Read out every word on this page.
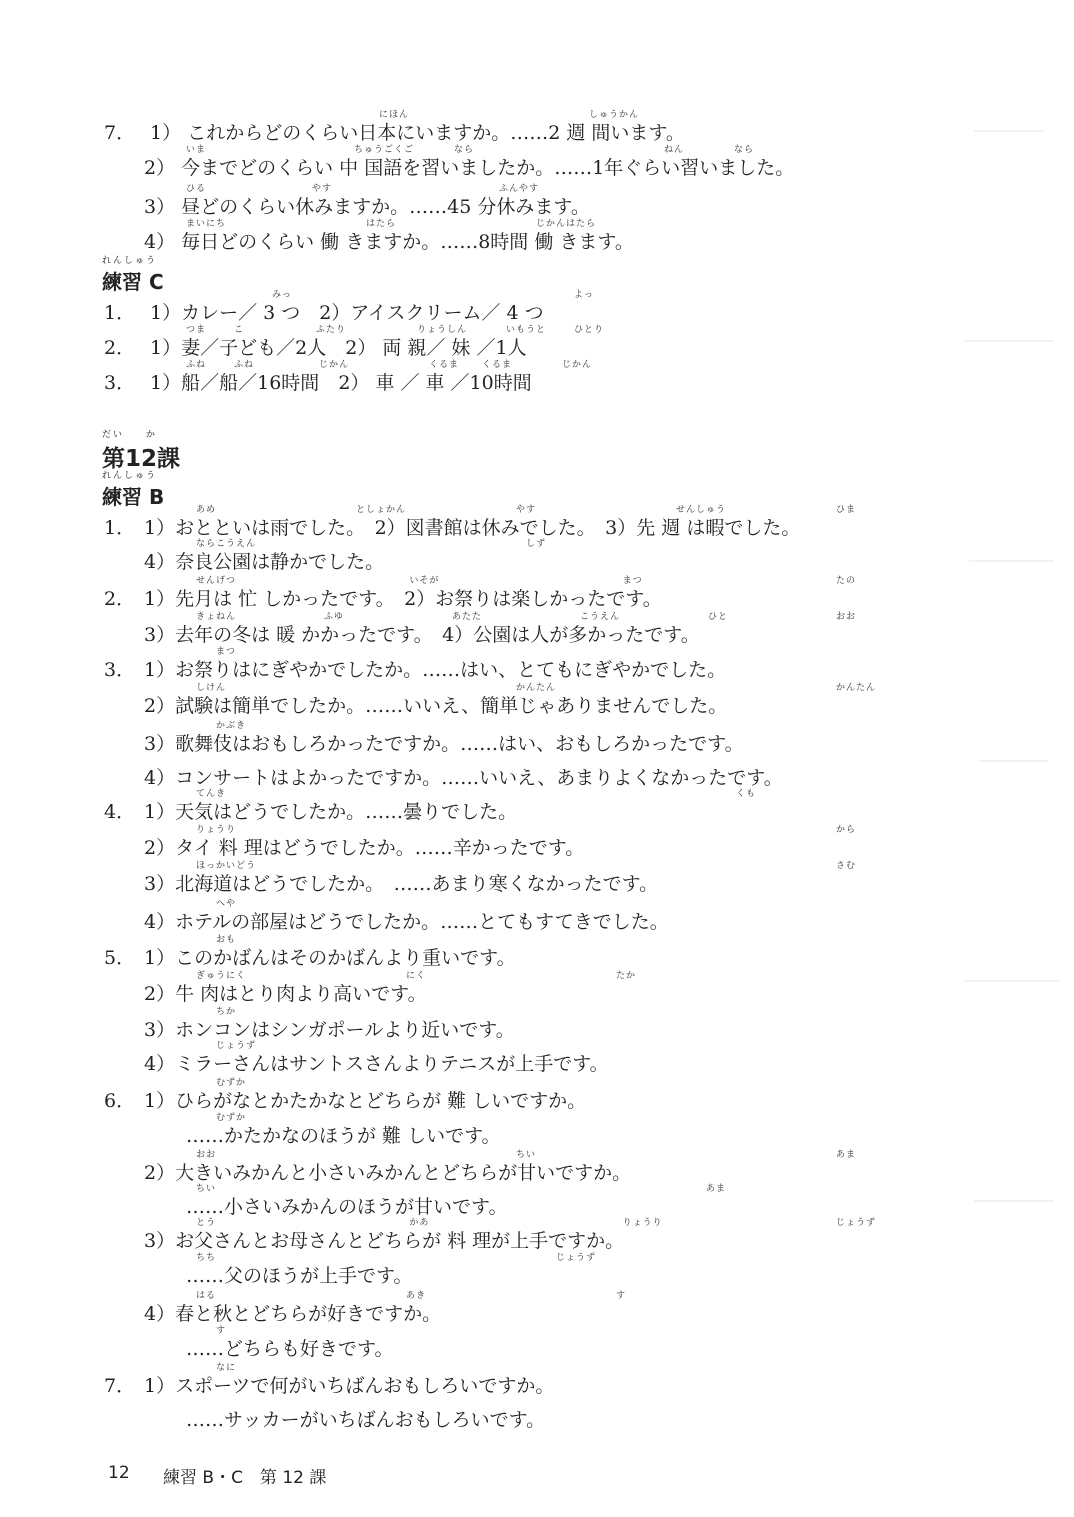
7． 1） これからどのくらい日本にいますか。……2 週 間います。
にほん	しゅうかん
2） 今までどのくらい 中 国語を習いましたか。……1年ぐらい習いました。
いま	ちゅうごくご	なら	ねん	なら
3） 昼どのくらい休みますか。……45 分休みます。
ひる	やす	ふんやす
4） 毎日どのくらい 働 きますか。……8時間 働 きます。
まいにち	はたら	じかんはたら
れんしゅう
練習 C
1． 1）カレー／ 3 つ　2）アイスクリーム／ 4 つ
みっ	よっ
2． 1）妻／子ども／2人　2） 両 親／ 妹 ／1人
つま	こ	ふたり	りょうしん	いもうと	ひとり
3． 1）船／船／16時間　2） 車 ／ 車 ／10時間
ふね	ふね	じかん	くるま	くるま	じかん
だい　　か
第12課
れんしゅう
練習 B
1． 1）おとといは雨でした。　2）図書館は休みでした。　3）先 週 は暇でした。
あめ	としょかん	やす	せんしゅう	ひま
4）奈良公園は静かでした。
ならこうえん	しず
2． 1）先月は 忙 しかったです。　2）お祭りは楽しかったです。
せんげつ	いそが	まつ	たの
3）去年の冬は 暖 かかったです。　4）公園は人が多かったです。
きょねん	ふゆ	あたた	こうえん	ひと	おお
3． 1）お祭りはにぎやかでしたか。……はい、とてもにぎやかでした。
まつ
2）試験は簡単でしたか。……いいえ、簡単じゃありませんでした。
しけん	かんたん	かんたん
3）歌舞伎はおもしろかったですか。……はい、おもしろかったです。
かぶき
4）コンサートはよかったですか。……いいえ、あまりよくなかったです。
4． 1）天気はどうでしたか。……曇りでした。
てんき	くも
2）タイ 料 理はどうでしたか。……辛かったです。
りょうり	から
3）北海道はどうでしたか。　……あまり寒くなかったです。
ほっかいどう	さむ
4）ホテルの部屋はどうでしたか。……とてもすてきでした。
へや
5． 1）このかばんはそのかばんより重いです。
おも
2）牛 肉はとり肉より高いです。
ぎゅうにく	にく	たか
3）ホンコンはシンガポールより近いです。
ちか
4）ミラーさんはサントスさんよりテニスが上手です。
じょうず
6． 1）ひらがなとかたかなとどちらが 難 しいですか。
むずか
……かたかなのほうが 難 しいです。
むずか
2）大きいみかんと小さいみかんとどちらが甘いですか。
おお	ちい	あま
……小さいみかんのほうが甘いです。
ちい	あま
3）お父さんとお母さんとどちらが 料 理が上手ですか。
とう	かあ	りょうり	じょうず
……父のほうが上手です。
ちち	じょうず
4）春と秋とどちらが好きですか。
はる	あき	す
……どちらも好きです。
す
7． 1）スポーツで何がいちばんおもしろいですか。
なに
……サッカーがいちばんおもしろいです。
12 練習 B・C　第 12 課
